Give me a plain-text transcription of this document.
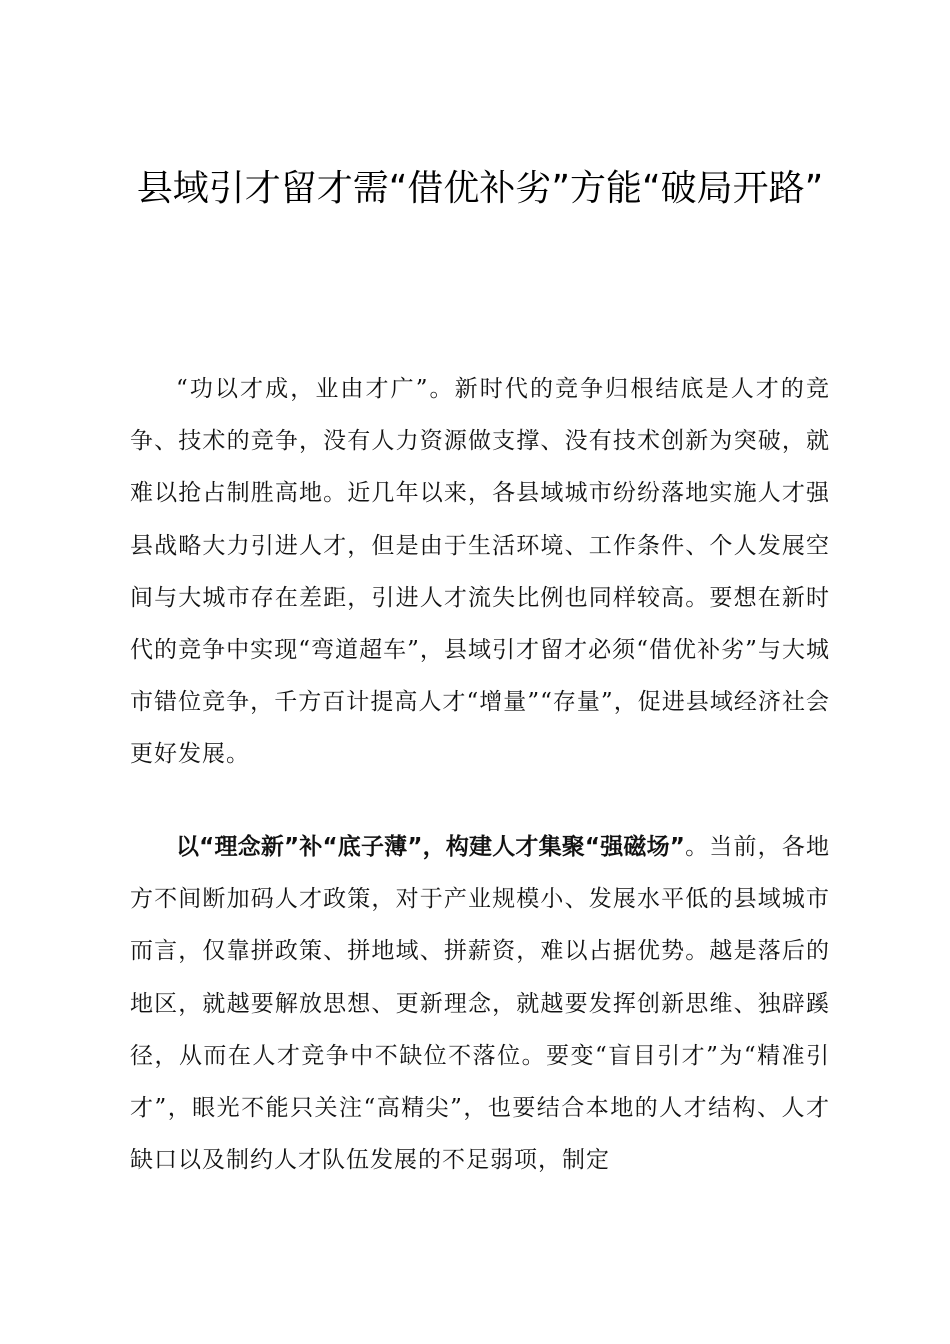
县域引才留才需“借优补劣”方能“破局开路”

“功以才成，业由才广”。新时代的竞争归根结底是人才的竞争、技术的竞争，没有人力资源做支撑、没有技术创新为突破，就难以抢占制胜高地。近几年以来，各县域城市纷纷落地实施人才强县战略大力引进人才，但是由于生活环境、工作条件、个人发展空间与大城市存在差距，引进人才流失比例也同样较高。要想在新时代的竞争中实现“弯道超车”，县域引才留才必须“借优补劣”与大城市错位竞争，千方百计提高人才“增量”“存量”，促进县域经济社会更好发展。

以“理念新”补“底子薄”，构建人才集聚“强磁场”。当前，各地方不间断加码人才政策，对于产业规模小、发展水平低的县域城市而言，仅靠拼政策、拼地域、拼薪资，难以占据优势。越是落后的地区，就越要解放思想、更新理念，就越要发挥创新思维、独辟蹊径，从而在人才竞争中不缺位不落位。要变“盲目引才”为“精准引才”，眼光不能只关注“高精尖”，也要结合本地的人才结构、人才缺口以及制约人才队伍发展的不足弱项，制定
